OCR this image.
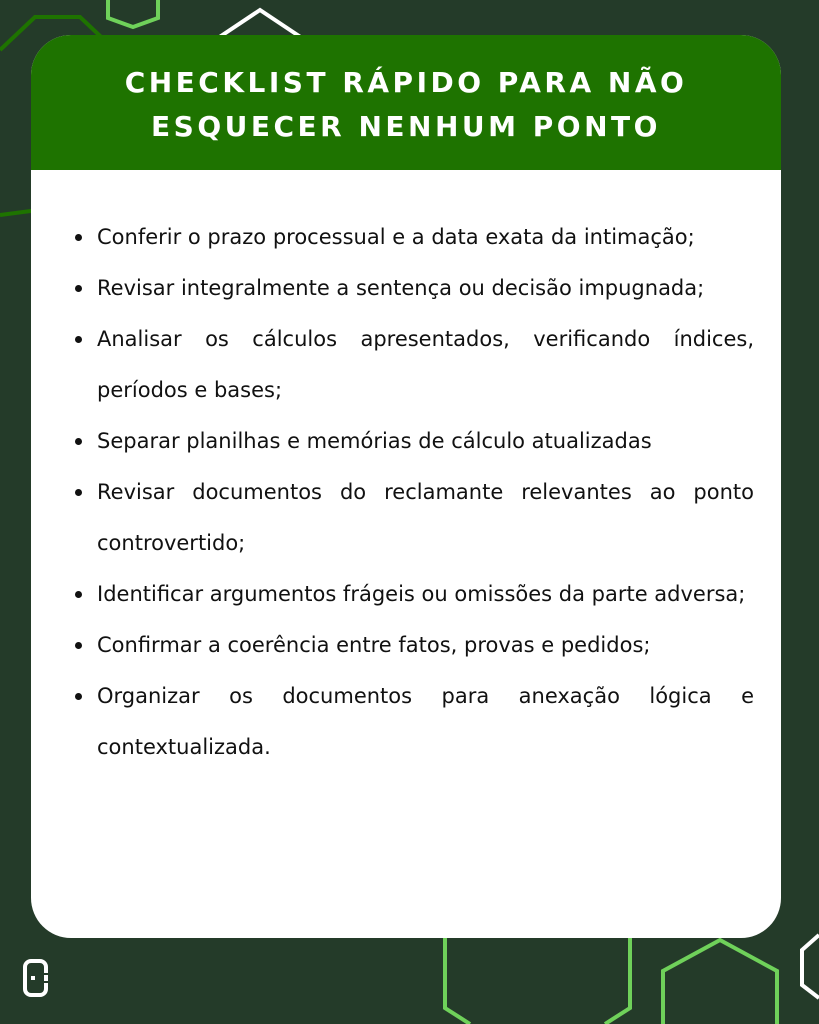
CHECKLIST RÁPIDO PARA NÃO
ESQUECER NENHUM PONTO
Conferir o prazo processual e a data exata da intimação;
Revisar integralmente a sentença ou decisão impugnada;
Analisar os cálculos apresentados, verificando índices, períodos e bases;
Separar planilhas e memórias de cálculo atualizadas
Revisar documentos do reclamante relevantes ao ponto controvertido;
Identificar argumentos frágeis ou omissões da parte adversa;
Confirmar a coerência entre fatos, provas e pedidos;
Organizar os documentos para anexação lógica e contextualizada.
